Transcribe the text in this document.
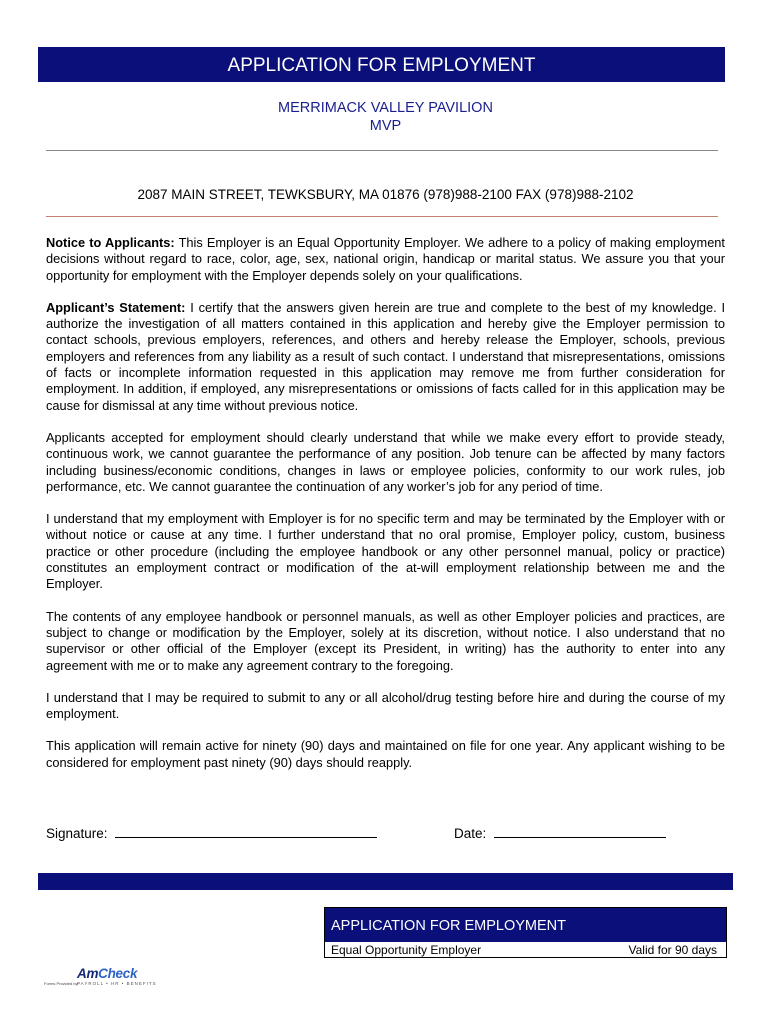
APPLICATION FOR EMPLOYMENT
MERRIMACK VALLEY PAVILION
MVP
2087 MAIN STREET, TEWKSBURY, MA 01876 (978)988-2100 FAX (978)988-2102

Notice to Applicants: This Employer is an Equal Opportunity Employer. We adhere to a policy of making employment decisions without regard to race, color, age, sex, national origin, handicap or marital status. We assure you that your opportunity for employment with the Employer depends solely on your qualifications.

Applicant’s Statement: I certify that the answers given herein are true and complete to the best of my knowledge. I authorize the investigation of all matters contained in this application and hereby give the Employer permission to contact schools, previous employers, references, and others and hereby release the Employer, schools, previous employers and references from any liability as a result of such contact. I understand that misrepresentations, omissions of facts or incomplete information requested in this application may remove me from further consideration for employment. In addition, if employed, any misrepresentations or omissions of facts called for in this application may be cause for dismissal at any time without previous notice.

Applicants accepted for employment should clearly understand that while we make every effort to provide steady, continuous work, we cannot guarantee the performance of any position. Job tenure can be affected by many factors including business/economic conditions, changes in laws or employee policies, conformity to our work rules, job performance, etc. We cannot guarantee the continuation of any worker’s job for any period of time.

I understand that my employment with Employer is for no specific term and may be terminated by the Employer with or without notice or cause at any time. I further understand that no oral promise, Employer policy, custom, business practice or other procedure (including the employee handbook or any other personnel manual, policy or practice) constitutes an employment contract or modification of the at-will employment relationship between me and the Employer.

The contents of any employee handbook or personnel manuals, as well as other Employer policies and practices, are subject to change or modification by the Employer, solely at its discretion, without notice. I also understand that no supervisor or other official of the Employer (except its President, in writing) has the authority to enter into any agreement with me or to make any agreement contrary to the foregoing.

I understand that I may be required to submit to any or all alcohol/drug testing before hire and during the course of my employment.

This application will remain active for ninety (90) days and maintained on file for one year. Any applicant wishing to be considered for employment past ninety (90) days should reapply.

Signature:	Date:
APPLICATION FOR EMPLOYMENT
Equal Opportunity Employer	Valid for 90 days
Forms Provided by:
AmCheck
PAYROLL • HR • BENEFITS
